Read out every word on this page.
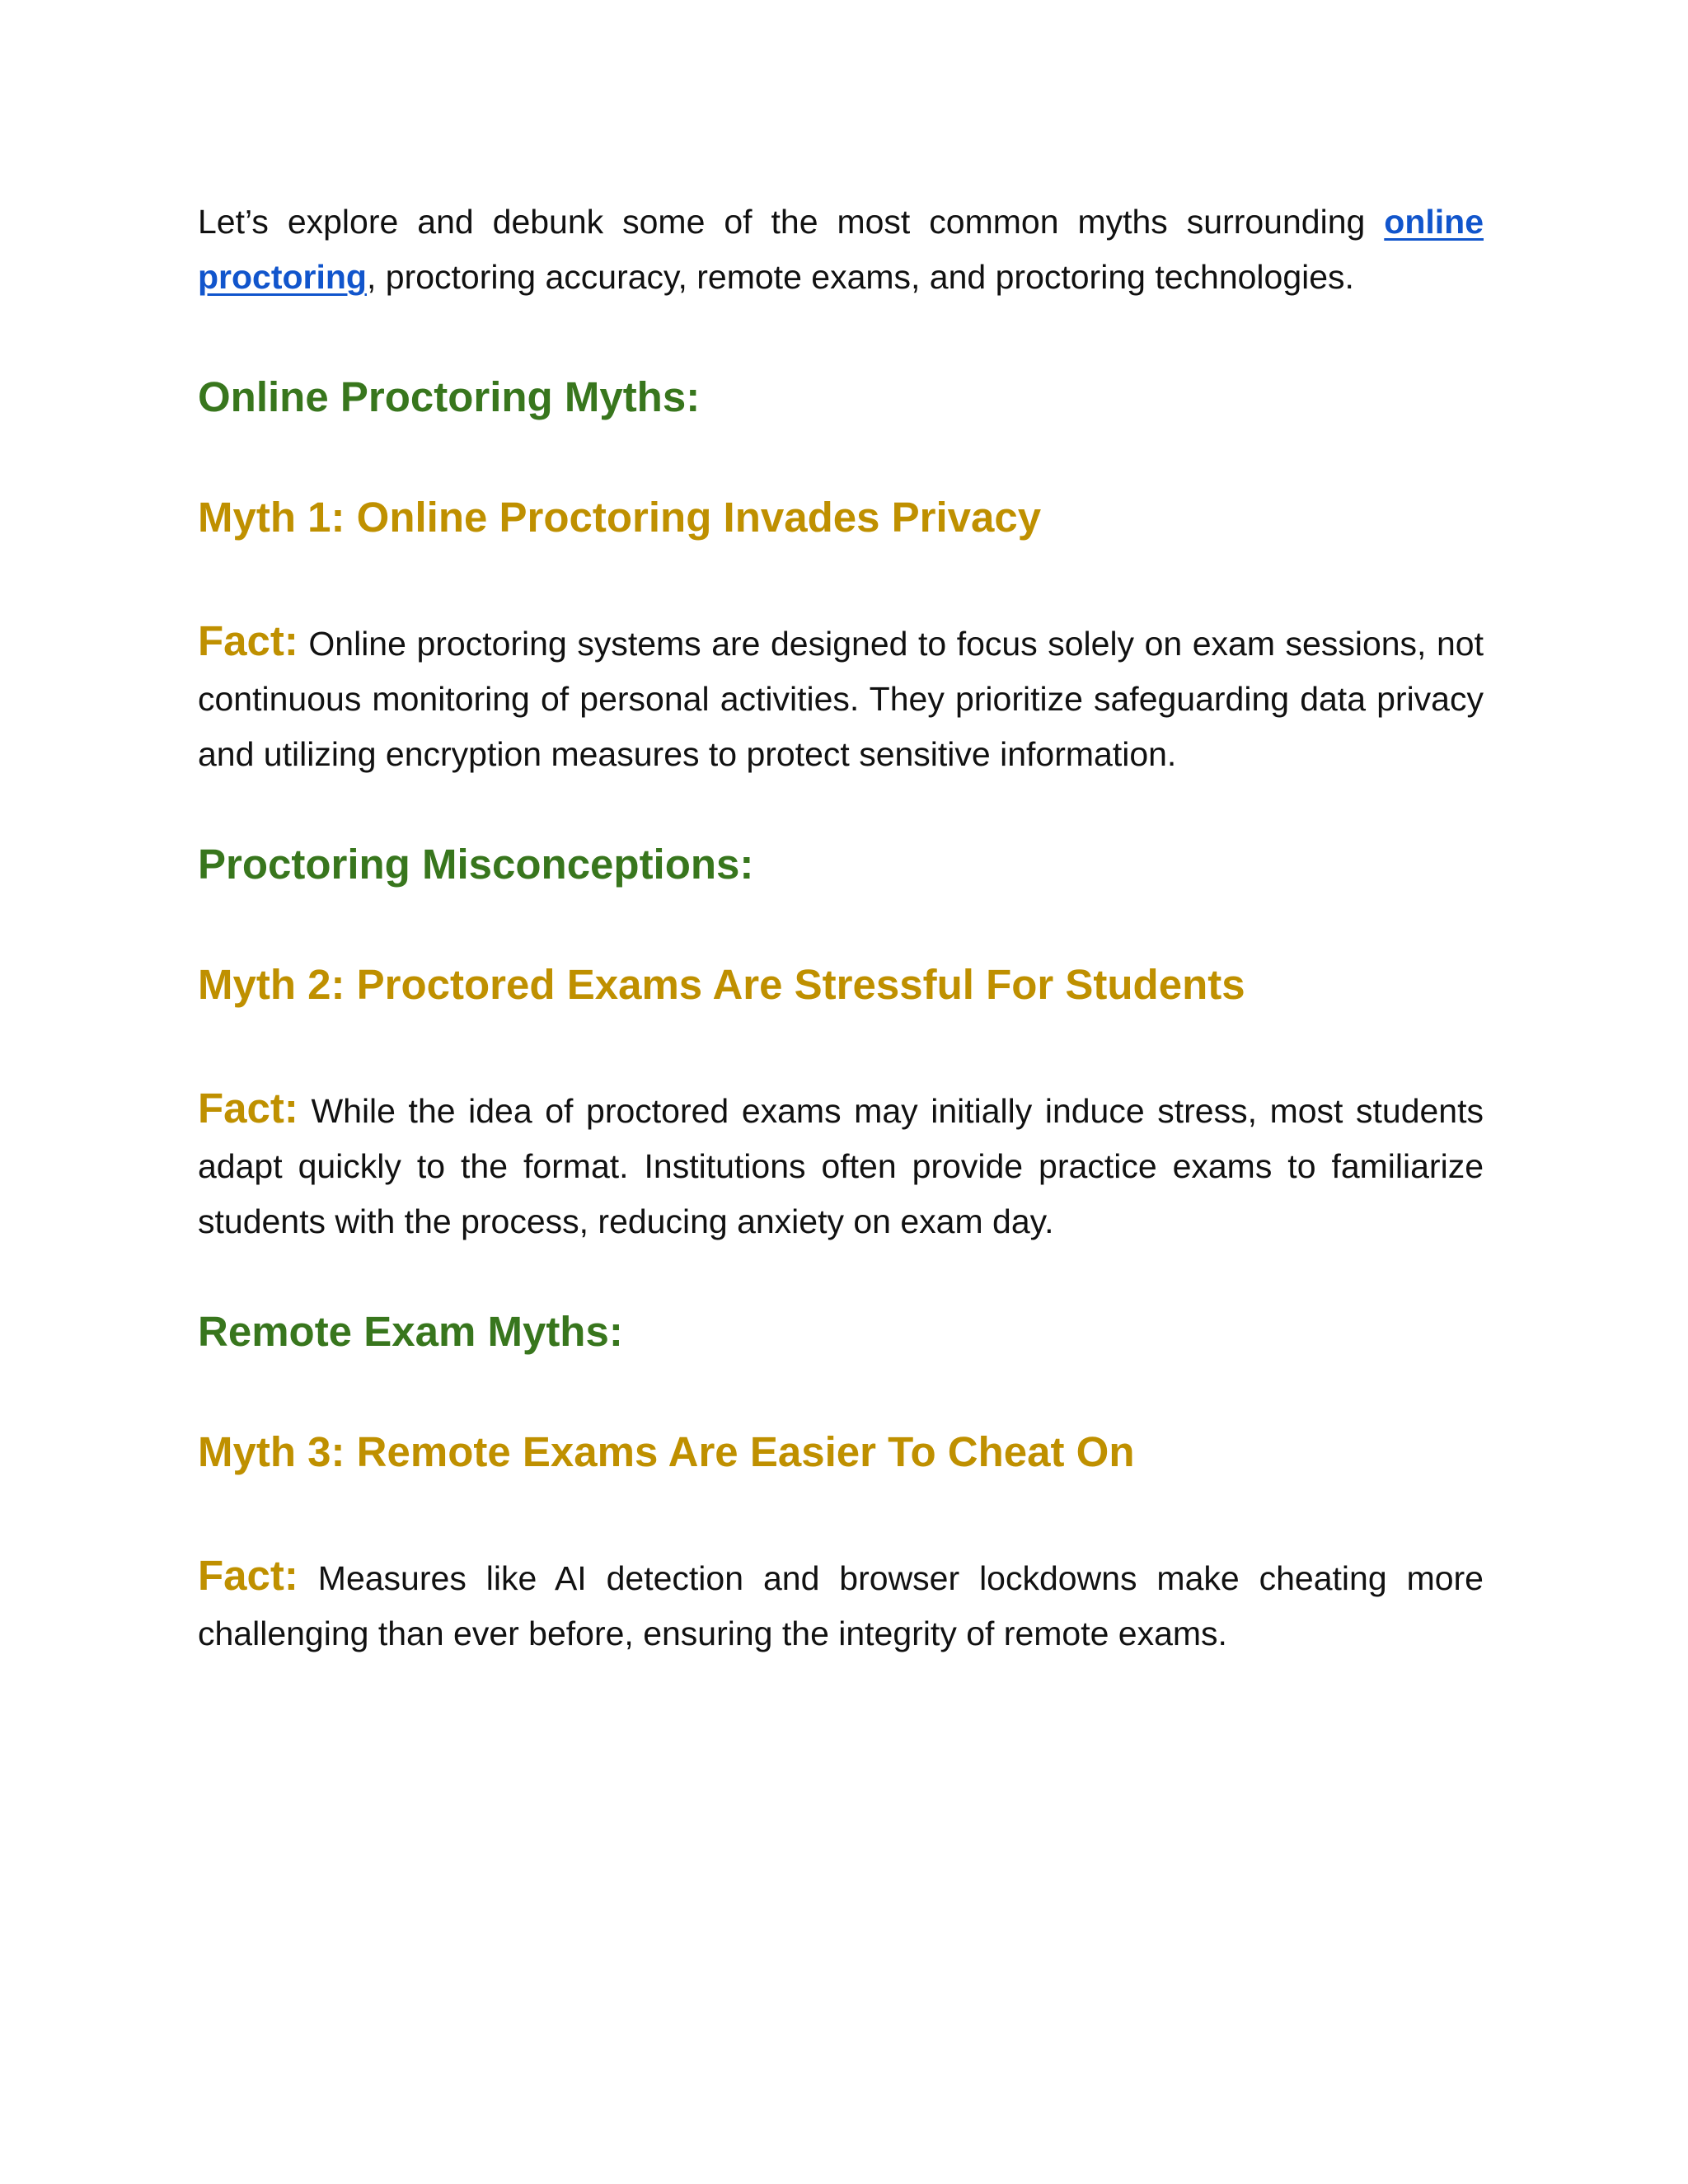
Let’s explore and debunk some of the most common myths surrounding online proctoring, proctoring accuracy, remote exams, and proctoring technologies.

Online Proctoring Myths:
Myth 1: Online Proctoring Invades Privacy

Fact: Online proctoring systems are designed to focus solely on exam sessions, not continuous monitoring of personal activities. They prioritize safeguarding data privacy and utilizing encryption measures to protect sensitive information.

Proctoring Misconceptions:
Myth 2: Proctored Exams Are Stressful For Students

Fact: While the idea of proctored exams may initially induce stress, most students adapt quickly to the format. Institutions often provide practice exams to familiarize students with the process, reducing anxiety on exam day.

Remote Exam Myths:
Myth 3: Remote Exams Are Easier To Cheat On

Fact: Measures like AI detection and browser lockdowns make cheating more challenging than ever before, ensuring the integrity of remote exams.
